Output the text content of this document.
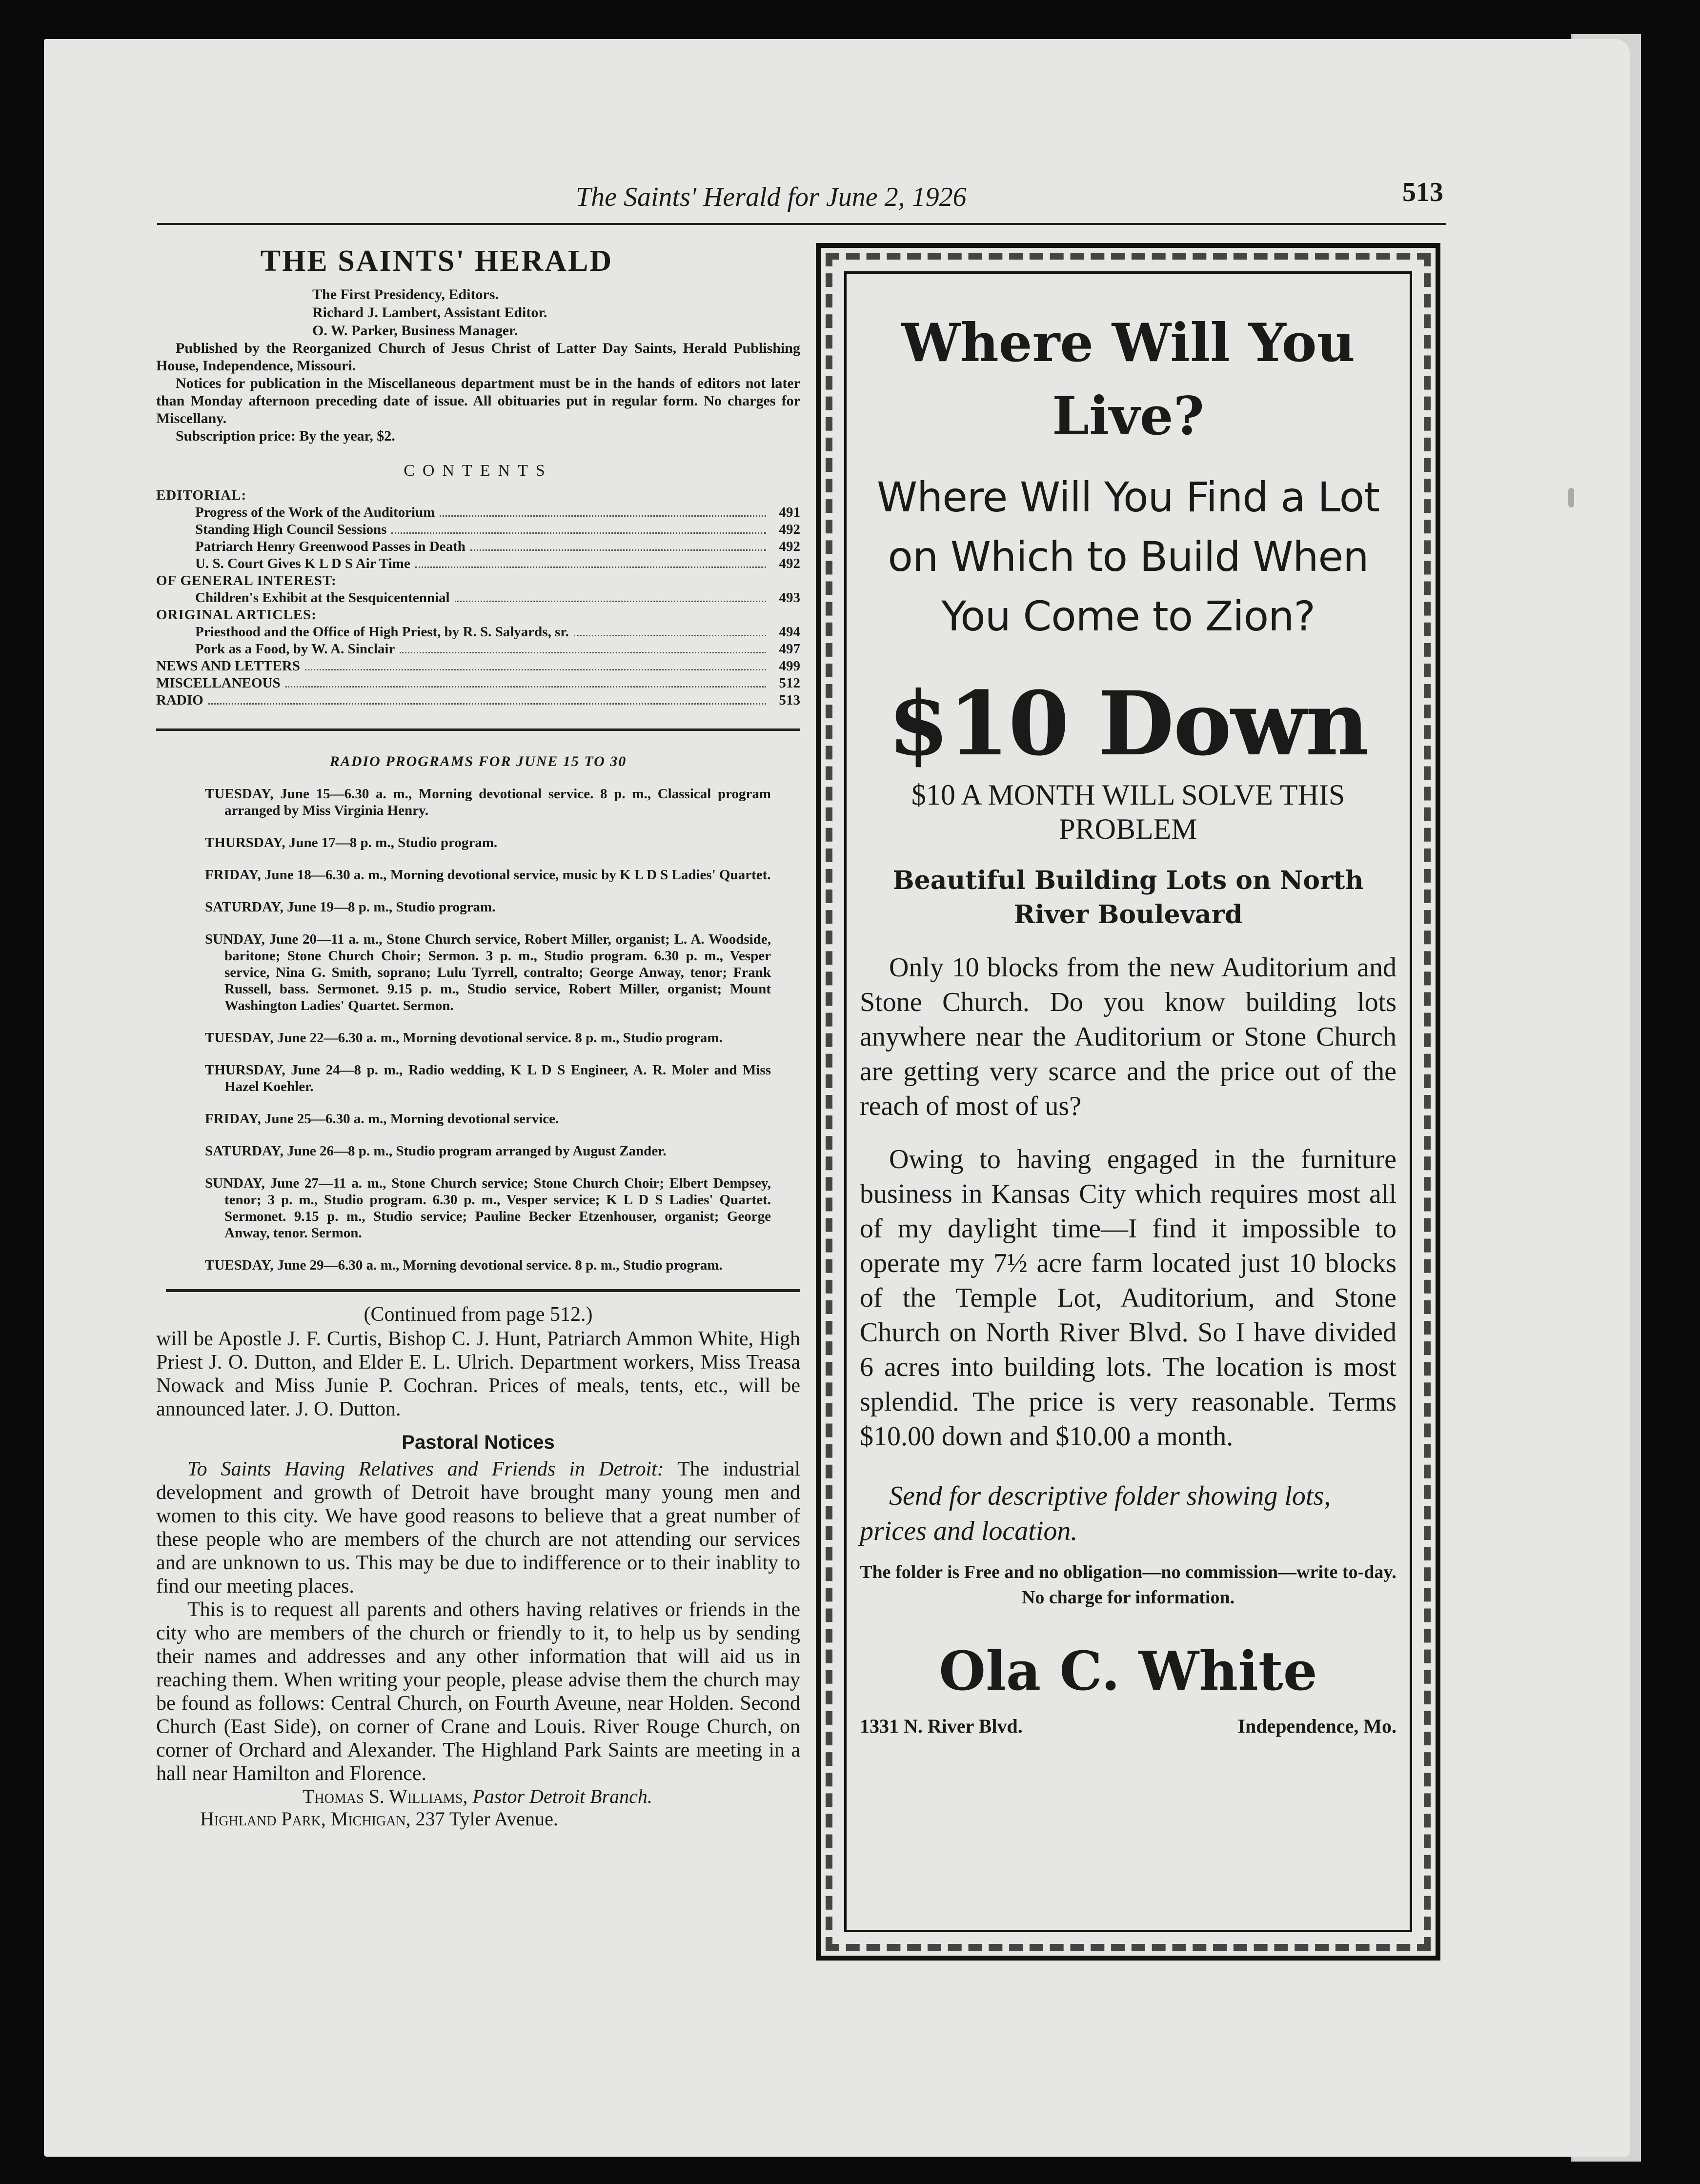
The Saints' Herald for June 2, 1926	513
THE SAINTS' HERALD
The First Presidency, Editors.
Richard J. Lambert, Assistant Editor.
O. W. Parker, Business Manager.
Published by the Reorganized Church of Jesus Christ of Latter Day Saints, Herald Publishing House, Independence, Missouri.
Notices for publication in the Miscellaneous department must be in the hands of editors not later than Monday afternoon preceding date of issue. All obituaries put in regular form. No charges for Miscellany.
Subscription price: By the year, $2.
CONTENTS
EDITORIAL:
Progress of the Work of the Auditorium	491
Standing High Council Sessions	492
Patriarch Henry Greenwood Passes in Death	492
U. S. Court Gives K L D S Air Time	492
OF GENERAL INTEREST:
Children's Exhibit at the Sesquicentennial	493
ORIGINAL ARTICLES:
Priesthood and the Office of High Priest, by R. S. Salyards, sr.	494
Pork as a Food, by W. A. Sinclair	497
NEWS AND LETTERS	499
MISCELLANEOUS	512
RADIO	513
RADIO PROGRAMS FOR JUNE 15 TO 30
TUESDAY, June 15—6.30 a. m., Morning devotional service. 8 p. m., Classical program arranged by Miss Virginia Henry.
THURSDAY, June 17—8 p. m., Studio program.
FRIDAY, June 18—6.30 a. m., Morning devotional service, music by K L D S Ladies' Quartet.
SATURDAY, June 19—8 p. m., Studio program.
SUNDAY, June 20—11 a. m., Stone Church service, Robert Miller, organist; L. A. Woodside, baritone; Stone Church Choir; Sermon. 3 p. m., Studio program. 6.30 p. m., Vesper service, Nina G. Smith, soprano; Lulu Tyrrell, contralto; George Anway, tenor; Frank Russell, bass. Sermonet. 9.15 p. m., Studio service, Robert Miller, organist; Mount Washington Ladies' Quartet. Sermon.
TUESDAY, June 22—6.30 a. m., Morning devotional service. 8 p. m., Studio program.
THURSDAY, June 24—8 p. m., Radio wedding, K L D S Engineer, A. R. Moler and Miss Hazel Koehler.
FRIDAY, June 25—6.30 a. m., Morning devotional service.
SATURDAY, June 26—8 p. m., Studio program arranged by August Zander.
SUNDAY, June 27—11 a. m., Stone Church service; Stone Church Choir; Elbert Dempsey, tenor; 3 p. m., Studio program. 6.30 p. m., Vesper service; K L D S Ladies' Quartet. Sermonet. 9.15 p. m., Studio service; Pauline Becker Etzenhouser, organist; George Anway, tenor. Sermon.
TUESDAY, June 29—6.30 a. m., Morning devotional service. 8 p. m., Studio program.
(Continued from page 512.)
will be Apostle J. F. Curtis, Bishop C. J. Hunt, Patriarch Ammon White, High Priest J. O. Dutton, and Elder E. L. Ulrich. Department workers, Miss Treasa Nowack and Miss Junie P. Cochran. Prices of meals, tents, etc., will be announced later. J. O. Dutton.
Pastoral Notices
To Saints Having Relatives and Friends in Detroit: The industrial development and growth of Detroit have brought many young men and women to this city. We have good reasons to believe that a great number of these people who are members of the church are not attending our services and are unknown to us. This may be due to indifference or to their inablity to find our meeting places.
This is to request all parents and others having relatives or friends in the city who are members of the church or friendly to it, to help us by sending their names and addresses and any other information that will aid us in reaching them. When writing your people, please advise them the church may be found as follows: Central Church, on Fourth Aveune, near Holden. Second Church (East Side), on corner of Crane and Louis. River Rouge Church, on corner of Orchard and Alexander. The Highland Park Saints are meeting in a hall near Hamilton and Florence.
Thomas S. Williams, Pastor Detroit Branch.
Highland Park, Michigan, 237 Tyler Avenue.
Where Will You Live?
Where Will You Find a Lot on Which to Build When You Come to Zion?
$10 Down
$10 A MONTH WILL SOLVE THIS PROBLEM
Beautiful Building Lots on North River Boulevard
Only 10 blocks from the new Auditorium and Stone Church. Do you know building lots anywhere near the Auditorium or Stone Church are getting very scarce and the price out of the reach of most of us?
Owing to having engaged in the furniture business in Kansas City which requires most all of my daylight time—I find it impossible to operate my 7½ acre farm located just 10 blocks of the Temple Lot, Auditorium, and Stone Church on North River Blvd. So I have divided 6 acres into building lots. The location is most splendid. The price is very reasonable. Terms $10.00 down and $10.00 a month.
Send for descriptive folder showing lots, prices and location.
The folder is Free and no obligation—no commission—write to-day. No charge for information.
Ola C. White
1331 N. River Blvd.	Independence, Mo.
